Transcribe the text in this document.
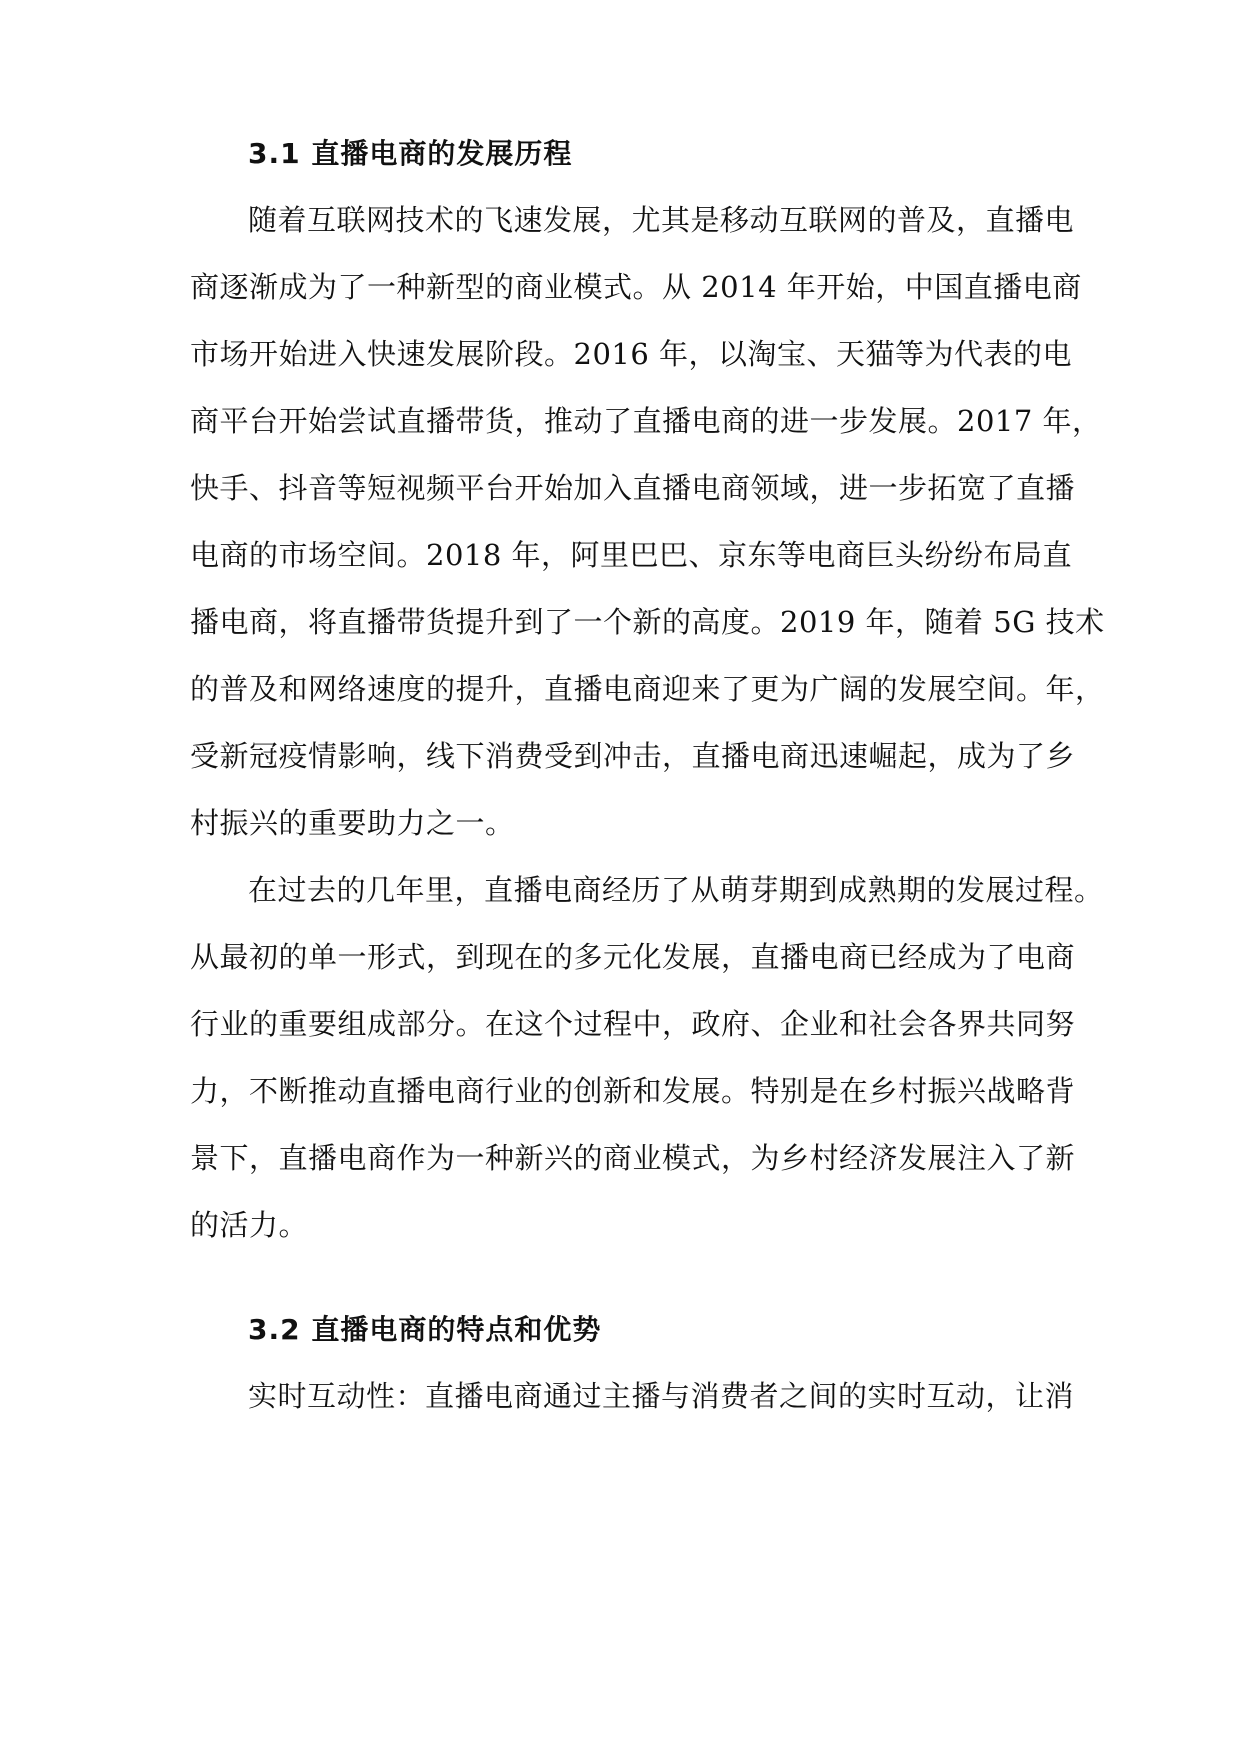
3.1 直播电商的发展历程
随着互联网技术的飞速发展，尤其是移动互联网的普及，直播电
商逐渐成为了一种新型的商业模式。从 2014 年开始，中国直播电商
市场开始进入快速发展阶段。2016 年，以淘宝、天猫等为代表的电
商平台开始尝试直播带货，推动了直播电商的进一步发展。2017 年，
快手、抖音等短视频平台开始加入直播电商领域，进一步拓宽了直播
电商的市场空间。2018 年，阿里巴巴、京东等电商巨头纷纷布局直
播电商，将直播带货提升到了一个新的高度。2019 年，随着 5G 技术
的普及和网络速度的提升，直播电商迎来了更为广阔的发展空间。年，
受新冠疫情影响，线下消费受到冲击，直播电商迅速崛起，成为了乡
村振兴的重要助力之一。
在过去的几年里，直播电商经历了从萌芽期到成熟期的发展过程。
从最初的单一形式，到现在的多元化发展，直播电商已经成为了电商
行业的重要组成部分。在这个过程中，政府、企业和社会各界共同努
力，不断推动直播电商行业的创新和发展。特别是在乡村振兴战略背
景下，直播电商作为一种新兴的商业模式，为乡村经济发展注入了新
的活力。
3.2 直播电商的特点和优势
实时互动性：直播电商通过主播与消费者之间的实时互动，让消
